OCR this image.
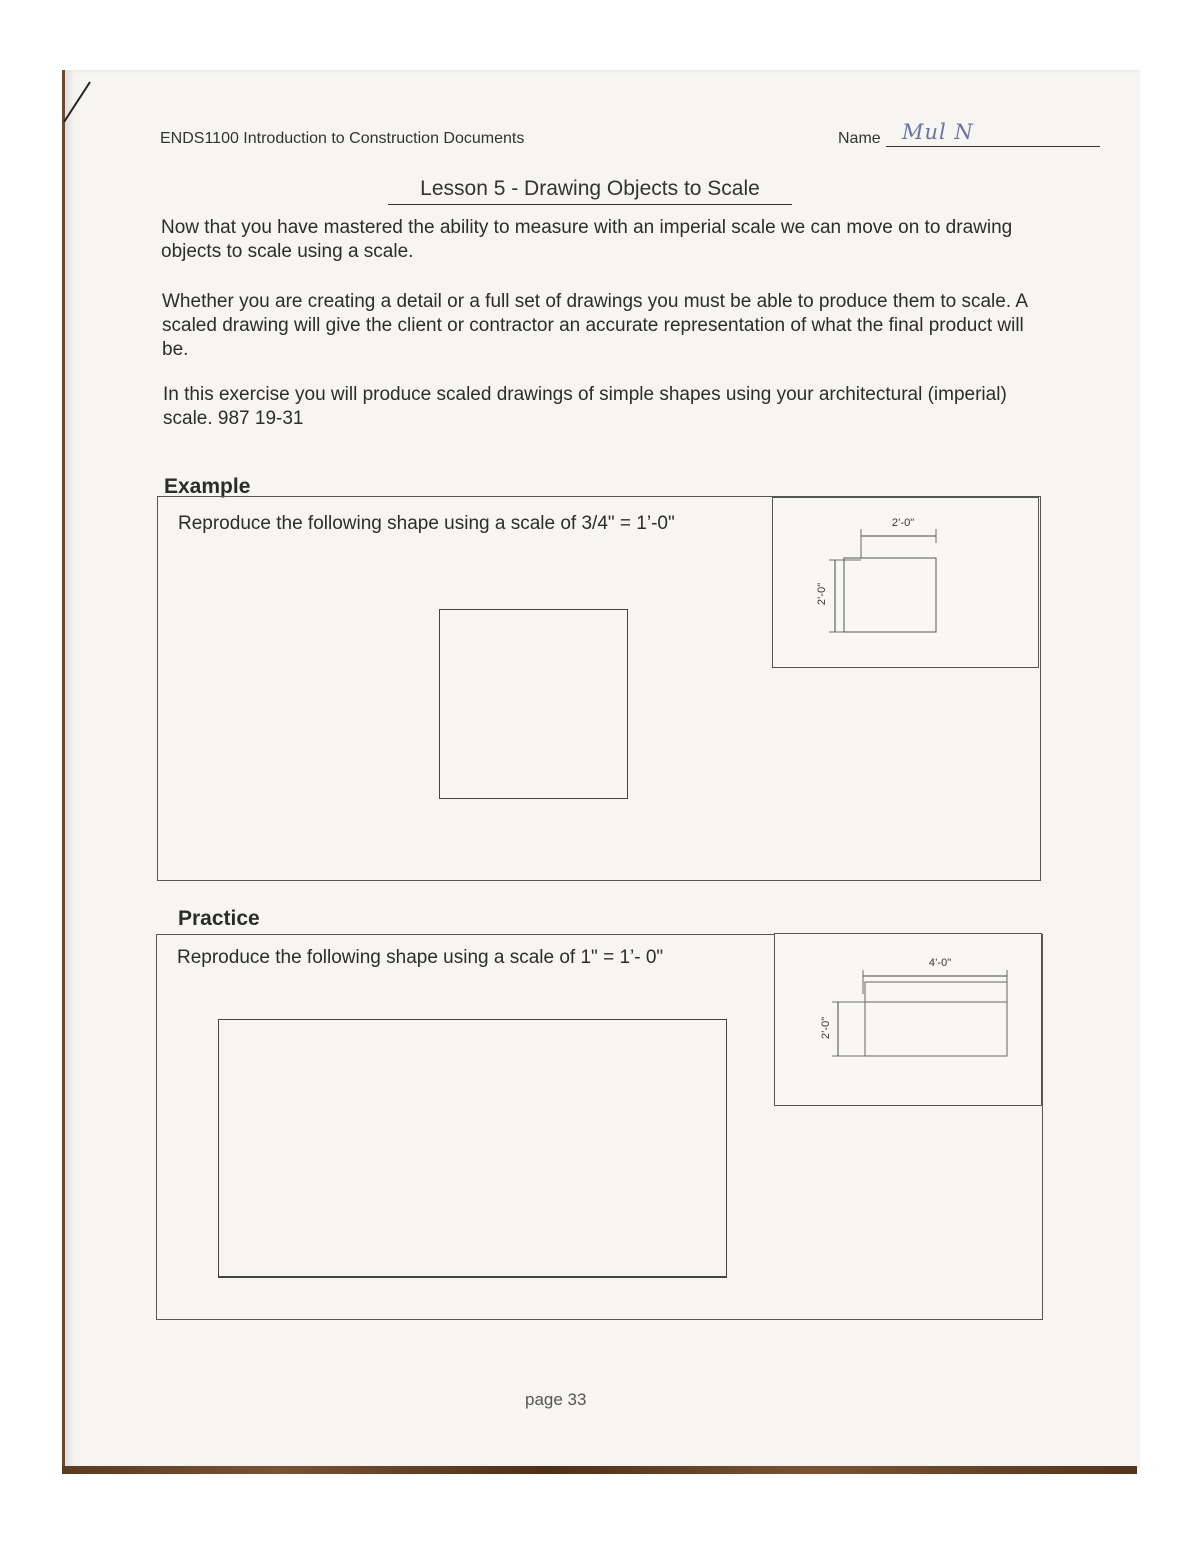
ENDS1100 Introduction to Construction Documents	Name Mul N
Lesson 5 - Drawing Objects to Scale
Now that you have mastered the ability to measure with an imperial scale we can move on to drawing objects to scale using a scale.
Whether you are creating a detail or a full set of drawings you must be able to produce them to scale. A scaled drawing will give the client or contractor an accurate representation of what the final product will be.
In this exercise you will produce scaled drawings of simple shapes using your architectural (imperial) scale. 987 19-31
Example
Reproduce the following shape using a scale of 3/4" = 1’-0"	2’-0"
2’-0"
Practice
Reproduce the following shape using a scale of 1" = 1’- 0"	4’-0"
2’-0"
page 33
